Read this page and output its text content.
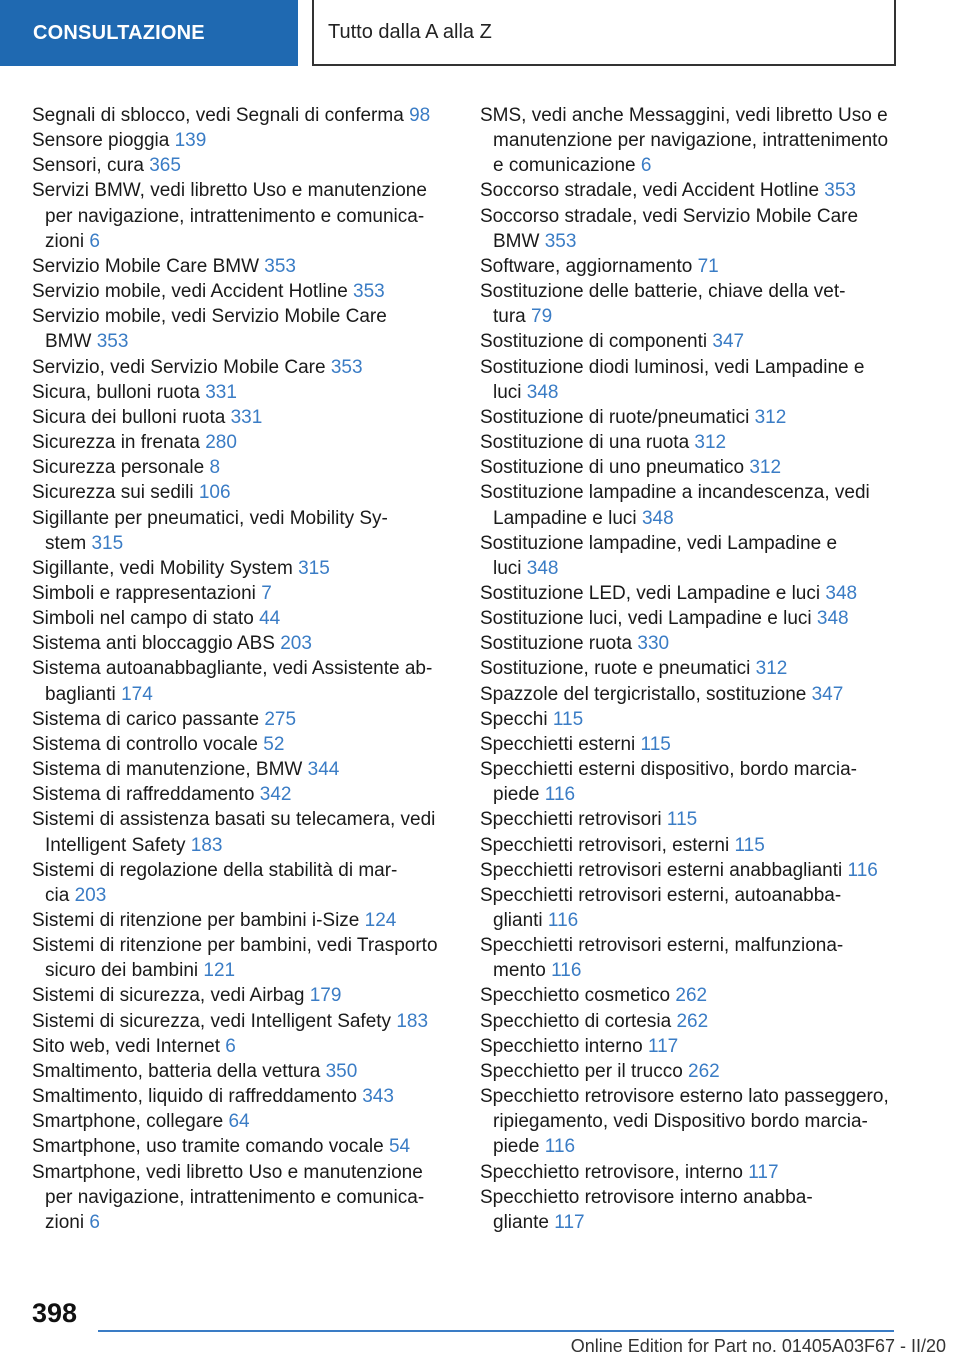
CONSULTAZIONE	Tutto dalla A alla Z
Segnali di sblocco, vedi Segnali di conferma 98
Sensore pioggia 139
Sensori, cura 365
Servizi BMW, vedi libretto Uso e manutenzione
per navigazione, intrattenimento e comunica‐
zioni 6
Servizio Mobile Care BMW 353
Servizio mobile, vedi Accident Hotline 353
Servizio mobile, vedi Servizio Mobile Care
BMW 353
Servizio, vedi Servizio Mobile Care 353
Sicura, bulloni ruota 331
Sicura dei bulloni ruota 331
Sicurezza in frenata 280
Sicurezza personale 8
Sicurezza sui sedili 106
Sigillante per pneumatici, vedi Mobility Sy‐
stem 315
Sigillante, vedi Mobility System 315
Simboli e rappresentazioni 7
Simboli nel campo di stato 44
Sistema anti bloccaggio ABS 203
Sistema autoanabbagliante, vedi Assistente ab‐
baglianti 174
Sistema di carico passante 275
Sistema di controllo vocale 52
Sistema di manutenzione, BMW 344
Sistema di raffreddamento 342
Sistemi di assistenza basati su telecamera, vedi
Intelligent Safety 183
Sistemi di regolazione della stabilità di mar‐
cia 203
Sistemi di ritenzione per bambini i-Size 124
Sistemi di ritenzione per bambini, vedi Trasporto
sicuro dei bambini 121
Sistemi di sicurezza, vedi Airbag 179
Sistemi di sicurezza, vedi Intelligent Safety 183
Sito web, vedi Internet 6
Smaltimento, batteria della vettura 350
Smaltimento, liquido di raffreddamento 343
Smartphone, collegare 64
Smartphone, uso tramite comando vocale 54
Smartphone, vedi libretto Uso e manutenzione
per navigazione, intrattenimento e comunica‐
zioni 6
SMS, vedi anche Messaggini, vedi libretto Uso e
manutenzione per navigazione, intrattenimento
e comunicazione 6
Soccorso stradale, vedi Accident Hotline 353
Soccorso stradale, vedi Servizio Mobile Care
BMW 353
Software, aggiornamento 71
Sostituzione delle batterie, chiave della vet‐
tura 79
Sostituzione di componenti 347
Sostituzione diodi luminosi, vedi Lampadine e
luci 348
Sostituzione di ruote/pneumatici 312
Sostituzione di una ruota 312
Sostituzione di uno pneumatico 312
Sostituzione lampadine a incandescenza, vedi
Lampadine e luci 348
Sostituzione lampadine, vedi Lampadine e
luci 348
Sostituzione LED, vedi Lampadine e luci 348
Sostituzione luci, vedi Lampadine e luci 348
Sostituzione ruota 330
Sostituzione, ruote e pneumatici 312
Spazzole del tergicristallo, sostituzione 347
Specchi 115
Specchietti esterni 115
Specchietti esterni dispositivo, bordo marcia‐
piede 116
Specchietti retrovisori 115
Specchietti retrovisori, esterni 115
Specchietti retrovisori esterni anabbaglianti 116
Specchietti retrovisori esterni, autoanabba‐
glianti 116
Specchietti retrovisori esterni, malfunziona‐
mento 116
Specchietto cosmetico 262
Specchietto di cortesia 262
Specchietto interno 117
Specchietto per il trucco 262
Specchietto retrovisore esterno lato passeggero,
ripiegamento, vedi Dispositivo bordo marcia‐
piede 116
Specchietto retrovisore, interno 117
Specchietto retrovisore interno anabba‐
gliante 117
398
Online Edition for Part no. 01405A03F67 - II/20
